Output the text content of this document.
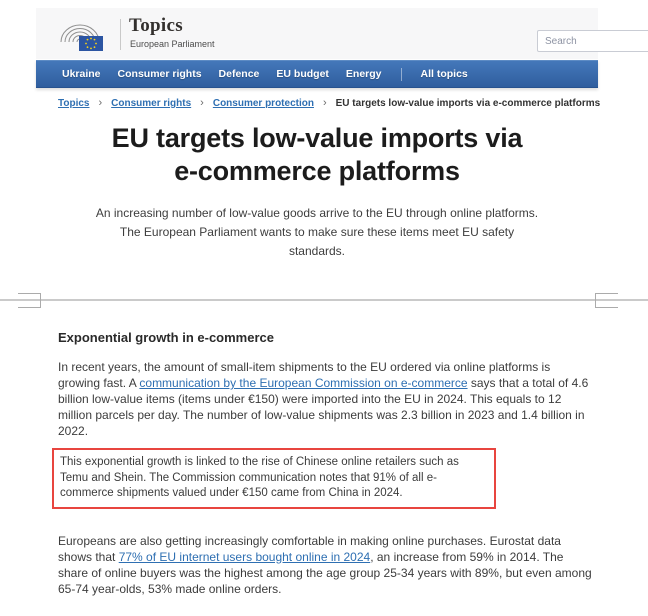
Topics
European Parliament
Search
Ukraine Consumer rights Defence EU budget Energy	All topics
Topics › Consumer rights › Consumer protection › EU targets low-value imports via e-commerce platforms
EU targets low-value imports via e-commerce platforms

An increasing number of low-value goods arrive to the EU through online platforms. The European Parliament wants to make sure these items meet EU safety standards.

Exponential growth in e-commerce

In recent years, the amount of small-item shipments to the EU ordered via online platforms is growing fast. A communication by the European Commission on e-commerce says that a total of 4.6 billion low-value items (items under €150) were imported into the EU in 2024. This equals to 12 million parcels per day. The number of low-value shipments was 2.3 billion in 2023 and 1.4 billion in 2022.

This exponential growth is linked to the rise of Chinese online retailers such as Temu and Shein. The Commission communication notes that 91% of all e-commerce shipments valued under €150 came from China in 2024.

Europeans are also getting increasingly comfortable in making online purchases. Eurostat data shows that 77% of EU internet users bought online in 2024, an increase from 59% in 2014. The share of online buyers was the highest among the age group 25-34 years with 89%, but even among 65-74 year-olds, 53% made online orders.
